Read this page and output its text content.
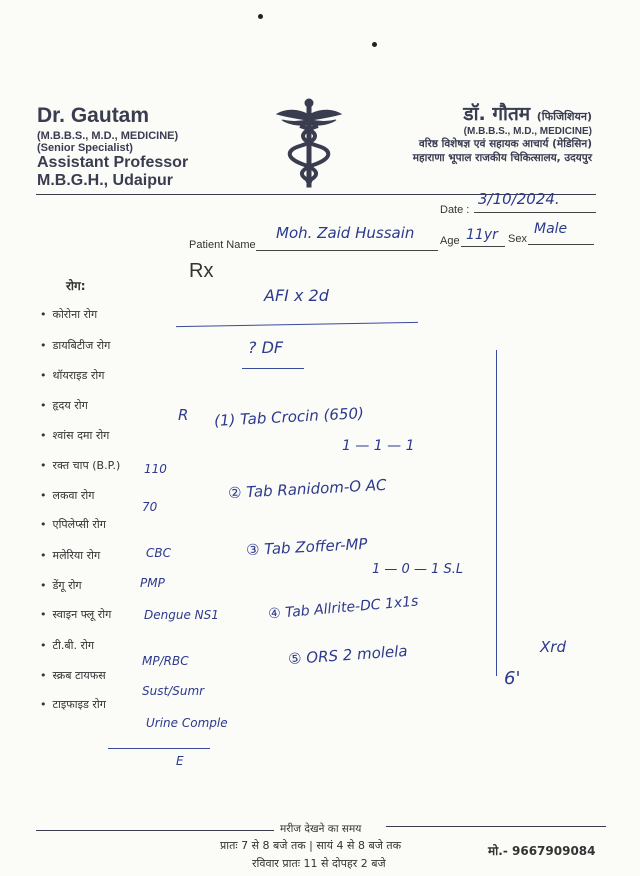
Dr. Gautam
(M.B.B.S., M.D., MEDICINE)
(Senior Specialist)
Assistant Professor
M.B.G.H., Udaipur
डॉ. गौतम (फिजिशियन)
(M.B.B.S., M.D., MEDICINE)
वरिष्ठ विशेषज्ञ एवं सहायक आचार्य (मेडिसिन)
महाराणा भूपाल राजकीय चिकित्सालय, उदयपुर
Date :
3/10/2024.
Patient Name
Moh. Zaid Hussain Age 11yr Sex
Male
रोग:
• कोरोना रोग
• डायबिटीज रोग
• थॉयराइड रोग
• हृदय रोग
• श्वांस दमा रोग
• रक्त चाप (B.P.)
• लकवा रोग
• एपिलेप्सी रोग
• मलेरिया रोग
• डेंगू रोग
• स्वाइन फ्लू रोग
• टी.बी. रोग
• स्क्रब टायफस
• टाइफाइड रोग
Rx
AFI x 2d
? DF
R (1) Tab Crocin (650)
1 — 1 — 1
② Tab Ranidom-O AC
③ Tab Zoffer-MP
1 — 0 — 1 S.L
④ Tab Allrite-DC 1x1s
⑤ ORS 2 molela	Xrd
6'
110
70
CBC
PMP
Dengue NS1
MP/RBC
Sust/Sumr
Urine Comple
E
मरीज देखने का समय
प्रातः 7 से 8 बजे तक | सायं 4 से 8 बजे तक
रविवार प्रातः 11 से दोपहर 2 बजे
मो.- 9667909084
